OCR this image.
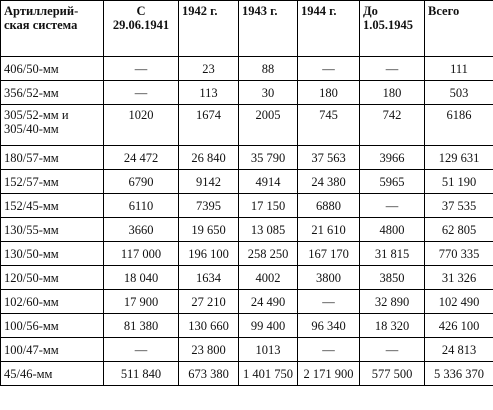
Артиллерий-ская система	С 29.06.1941	1942 г.	1943 г.	1944 г.	До 1.05.1945	Всего
406/50-мм	—	23	88	—	—	111
356/52-мм	—	113	30	180	180	503
305/52-мм и 305/40-мм	1020	1674	2005	745	742	6186
180/57-мм	24 472	26 840	35 790	37 563	3966	129 631
152/57-мм	6790	9142	4914	24 380	5965	51 190
152/45-мм	6110	7395	17 150	6880	—	37 535
130/55-мм	3660	19 650	13 085	21 610	4800	62 805
130/50-мм	117 000	196 100	258 250	167 170	31 815	770 335
120/50-мм	18 040	1634	4002	3800	3850	31 326
102/60-мм	17 900	27 210	24 490	—	32 890	102 490
100/56-мм	81 380	130 660	99 400	96 340	18 320	426 100
100/47-мм	—	23 800	1013	—	—	24 813
45/46-мм	511 840	673 380	1 401 750	2 171 900	577 500	5 336 370
